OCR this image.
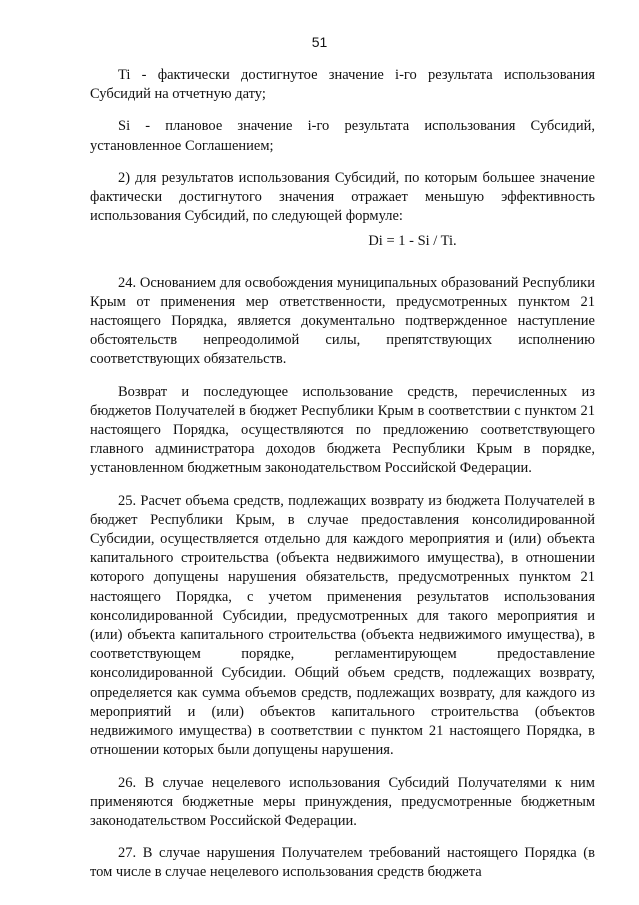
51

Ti - фактически достигнутое значение i-го результата использования Субсидий на отчетную дату;

Si - плановое значение i-го результата использования Субсидий, установленное Соглашением;

2) для результатов использования Субсидий, по которым большее значение фактически достигнутого значения отражает меньшую эффективность использования Субсидий, по следующей формуле:

Di = 1 - Si / Ti.

24. Основанием для освобождения муниципальных образований Республики Крым от применения мер ответственности, предусмотренных пунктом 21 настоящего Порядка, является документально подтвержденное наступление обстоятельств непреодолимой силы, препятствующих исполнению соответствующих обязательств.

Возврат и последующее использование средств, перечисленных из бюджетов Получателей в бюджет Республики Крым в соответствии с пунктом 21 настоящего Порядка, осуществляются по предложению соответствующего главного администратора доходов бюджета Республики Крым в порядке, установленном бюджетным законодательством Российской Федерации.

25. Расчет объема средств, подлежащих возврату из бюджета Получателей в бюджет Республики Крым, в случае предоставления консолидированной Субсидии, осуществляется отдельно для каждого мероприятия и (или) объекта капитального строительства (объекта недвижимого имущества), в отношении которого допущены нарушения обязательств, предусмотренных пунктом 21 настоящего Порядка, с учетом применения результатов использования консолидированной Субсидии, предусмотренных для такого мероприятия и (или) объекта капитального строительства (объекта недвижимого имущества), в соответствующем порядке, регламентирующем предоставление консолидированной Субсидии. Общий объем средств, подлежащих возврату, определяется как сумма объемов средств, подлежащих возврату, для каждого из мероприятий и (или) объектов капитального строительства (объектов недвижимого имущества) в соответствии с пунктом 21 настоящего Порядка, в отношении которых были допущены нарушения.

26. В случае нецелевого использования Субсидий Получателями к ним применяются бюджетные меры принуждения, предусмотренные бюджетным законодательством Российской Федерации.

27. В случае нарушения Получателем требований настоящего Порядка (в том числе в случае нецелевого использования средств бюджета
